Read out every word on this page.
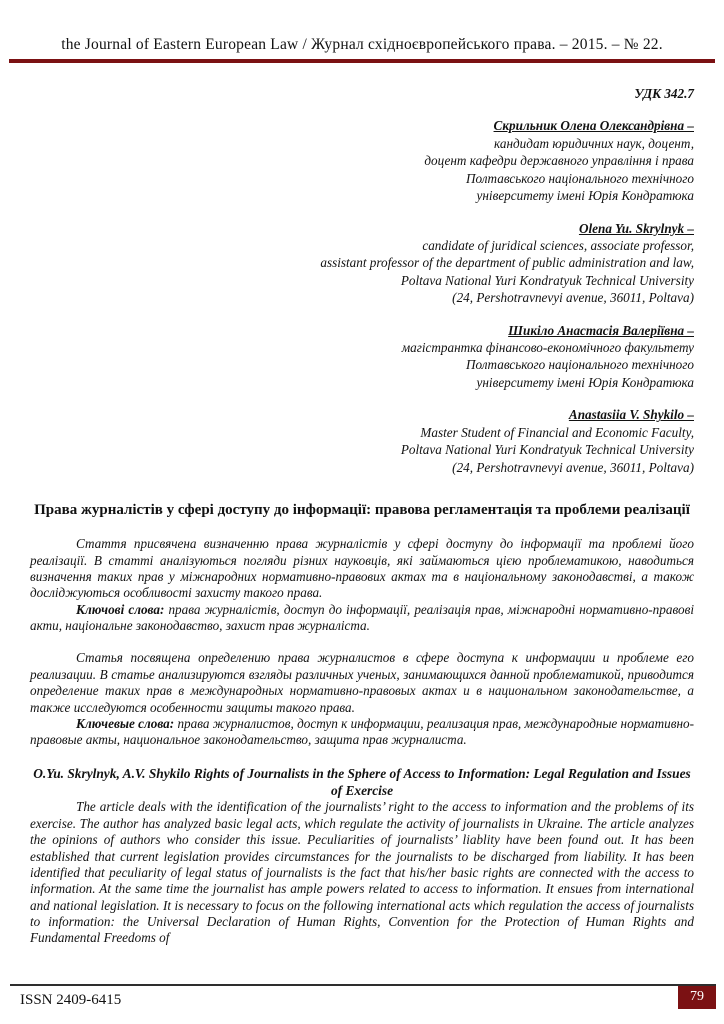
the Journal of Eastern European Law / Журнал східноєвропейського права. – 2015. – № 22.
УДК 342.7
Скрильник Олена Олександрівна –
кандидат юридичних наук, доцент,
доцент кафедри державного управління і права
Полтавського національного технічного
університету імені Юрія Кондратюка
Olena Yu. Skrylnyk –
candidate of juridical sciences, associate professor,
assistant professor of the department of public administration and law,
Poltava National Yuri Kondratyuk Technical University
(24, Pershotravnevyi avenue, 36011, Poltava)
Шикіло Анастасія Валеріївна –
магістрантка фінансово-економічного факультету
Полтавського національного технічного
університету імені Юрія Кондратюка
Anastasiia V. Shykilo –
Master Student of Financial and Economic Faculty,
Poltava National Yuri Kondratyuk Technical University
(24, Pershotravnevyi avenue, 36011, Poltava)
Права журналістів у сфері доступу до інформації: правова регламентація та проблеми реалізації

Стаття присвячена визначенню права журналістів у сфері доступу до інформації та проблемі його реалізації. В статті аналізуються погляди різних науковців, які займаються цією проблематикою, наводиться визначення таких прав у міжнародних нормативно-правових актах та в національному законодавстві, а також досліджуються особливості захисту такого права.

Ключові слова: права журналістів, доступ до інформації, реалізація прав, міжнародні нормативно-правові акти, національне законодавство, захист прав журналіста.

Статья посвящена определению права журналистов в сфере доступа к информации и проблеме его реализации. В статье анализируются взгляды различных ученых, занимающихся данной проблематикой, приводится определение таких прав в международных нормативно-правовых актах и в национальном законодательстве, а также исследуются особенности защиты такого права.

Ключевые слова: права журналистов, доступ к информации, реализация прав, международные нормативно-правовые акты, национальное законодательство, защита прав журналиста.

O.Yu. Skrylnyk, A.V. Shykilo Rights of Journalists in the Sphere of Access to Information: Legal Regulation and Issues of Exercise

The article deals with the identification of the journalists’ right to the access to information and the problems of its exercise. The author has analyzed basic legal acts, which regulate the activity of journalists in Ukraine. The article analyzes the opinions of authors who consider this issue. Peculiarities of journalists’ liablity have been found out. It has been established that current legislation provides circumstances for the journalists to be discharged from liability. It has been identified that peculiarity of legal status of journalists is the fact that his/her basic rights are connected with the access to information. At the same time the journalist has ample powers related to access to information. It ensues from international and national legislation. It is necessary to focus on the following international acts which regulation the access of journalists to information: the Universal Declaration of Human Rights, Convention for the Protection of Human Rights and Fundamental Freedoms of

ISSN 2409-6415	79
